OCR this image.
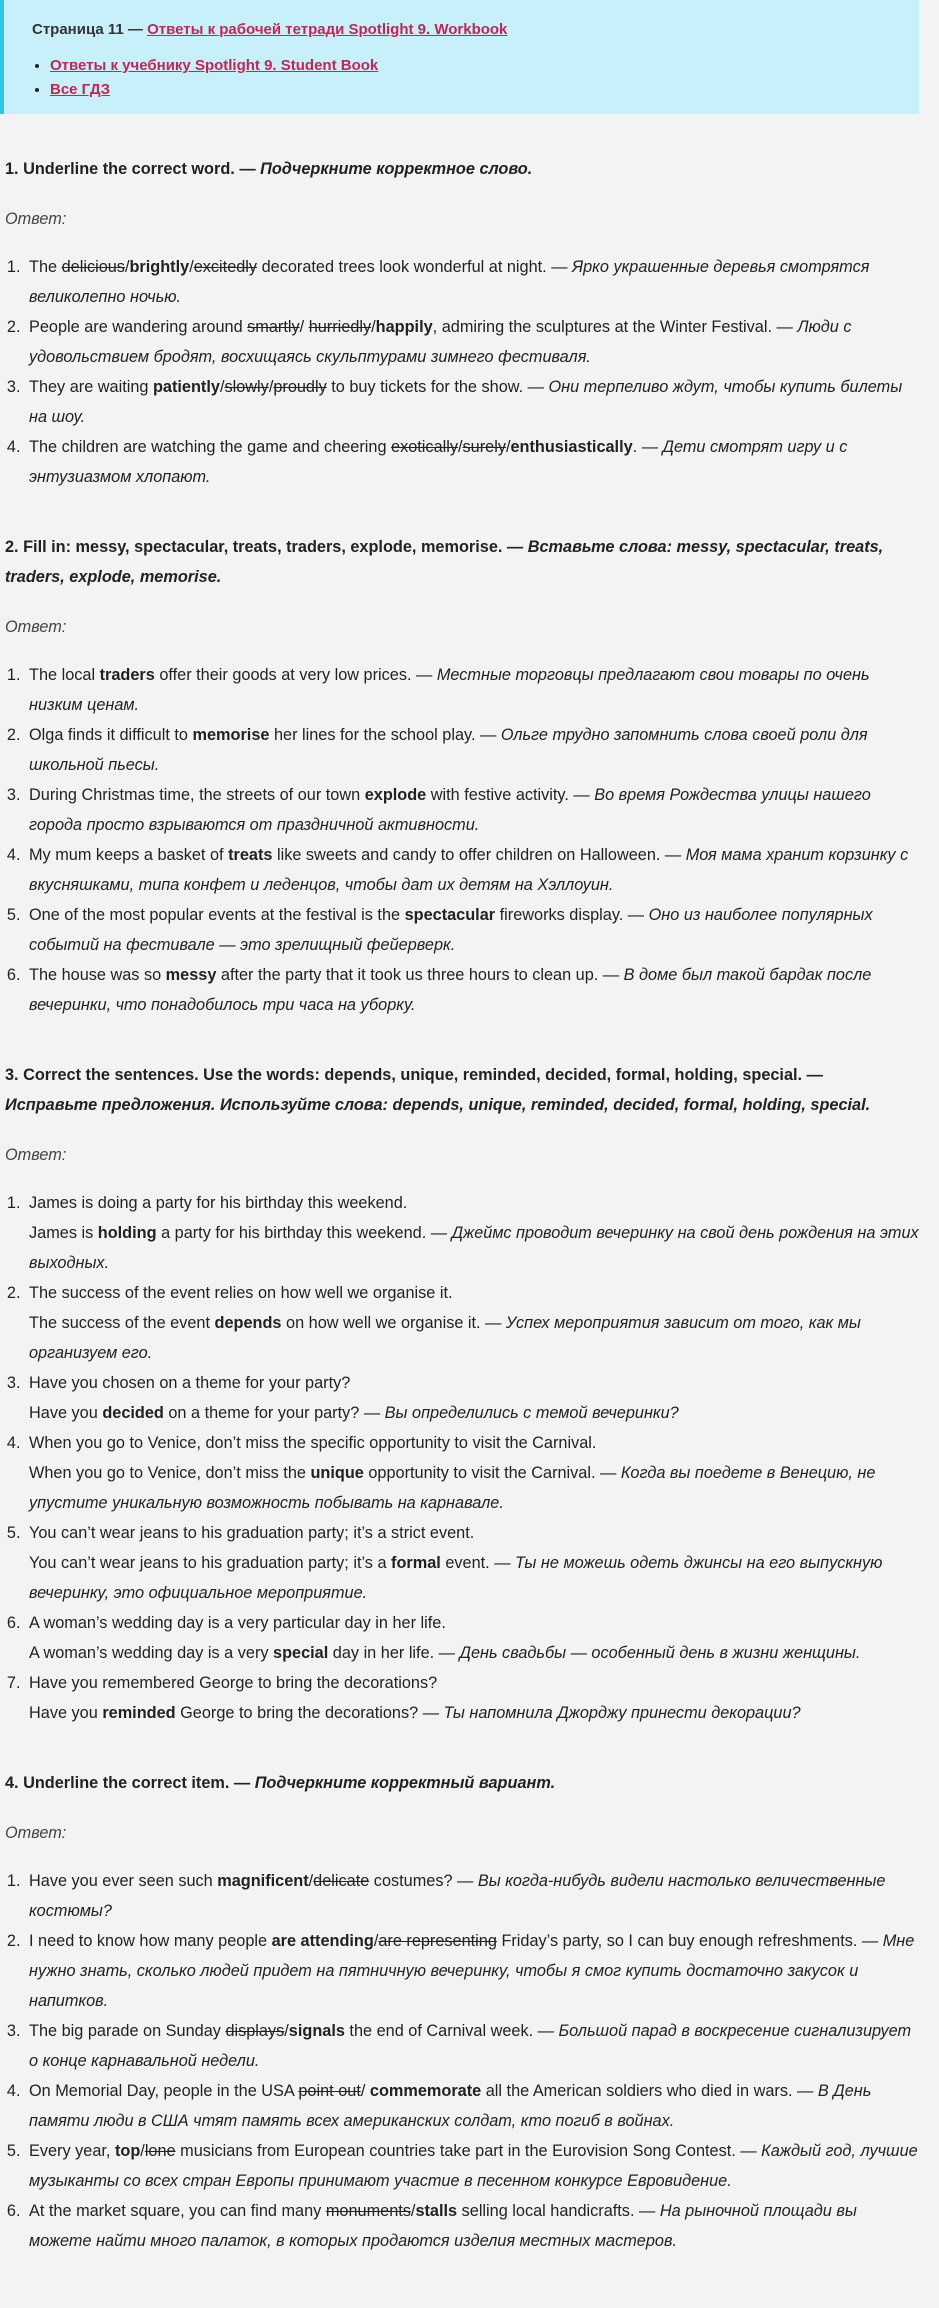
Страница 11 — Ответы к рабочей тетради Spotlight 9. Workbook
• Ответы к учебнику Spotlight 9. Student Book
• Все ГДЗ
1. Underline the correct word. — Подчеркните корректное слово.
Ответ:
1. The delicious/brightly/excitedly decorated trees look wonderful at night. — Ярко украшенные деревья смотрятся великолепно ночью.
2. People are wandering around smartly/ hurriedly/happily, admiring the sculptures at the Winter Festival. — Люди с удовольствием бродят, восхищаясь скульптурами зимнего фестиваля.
3. They are waiting patiently/slowly/proudly to buy tickets for the show. — Они терпеливо ждут, чтобы купить билеты на шоу.
4. The children are watching the game and cheering exotically/surely/enthusiastically. — Дети смотрят игру и с энтузиазмом хлопают.
2. Fill in: messy, spectacular, treats, traders, explode, memorise. — Вставьте слова: messy, spectacular, treats, traders, explode, memorise.
Ответ:
1. The local traders offer their goods at very low prices. — Местные торговцы предлагают свои товары по очень низким ценам.
2. Olga finds it difficult to memorise her lines for the school play. — Ольге трудно запомнить слова своей роли для школьной пьесы.
3. During Christmas time, the streets of our town explode with festive activity. — Во время Рождества улицы нашего города просто взрываются от праздничной активности.
4. My mum keeps a basket of treats like sweets and candy to offer children on Halloween. — Моя мама хранит корзинку с вкусняшками, типа конфет и леденцов, чтобы дат их детям на Хэллоуин.
5. One of the most popular events at the festival is the spectacular fireworks display. — Оно из наиболее популярных событий на фестивале — это зрелищный фейерверк.
6. The house was so messy after the party that it took us three hours to clean up. — В доме был такой бардак после вечеринки, что понадобилось три часа на уборку.
3. Correct the sentences. Use the words: depends, unique, reminded, decided, formal, holding, special. — Исправьте предложения. Используйте слова: depends, unique, reminded, decided, formal, holding, special.
Ответ:
1. James is doing a party for his birthday this weekend.
James is holding a party for his birthday this weekend. — Джеймс проводит вечеринку на свой день рождения на этих выходных.
2. The success of the event relies on how well we organise it.
The success of the event depends on how well we organise it. — Успех мероприятия зависит от того, как мы организуем его.
3. Have you chosen on a theme for your party?
Have you decided on a theme for your party? — Вы определились с темой вечеринки?
4. When you go to Venice, don’t miss the specific opportunity to visit the Carnival.
When you go to Venice, don’t miss the unique opportunity to visit the Carnival. — Когда вы поедете в Венецию, не упустите уникальную возможность побывать на карнавале.
5. You can’t wear jeans to his graduation party; it’s a strict event.
You can’t wear jeans to his graduation party; it’s a formal event. — Ты не можешь одеть джинсы на его выпускную вечеринку, это официальное мероприятие.
6. A woman’s wedding day is a very particular day in her life.
A woman’s wedding day is a very special day in her life. — День свадьбы — особенный день в жизни женщины.
7. Have you remembered George to bring the decorations?
Have you reminded George to bring the decorations? — Ты напомнила Джорджу принести декорации?
4. Underline the correct item. — Подчеркните корректный вариант.
Ответ:
1. Have you ever seen such magnificent/delicate costumes? — Вы когда-нибудь видели настолько величественные костюмы?
2. I need to know how many people are attending/are representing Friday’s party, so I can buy enough refreshments. — Мне нужно знать, сколько людей придет на пятничную вечеринку, чтобы я смог купить достаточно закусок и напитков.
3. The big parade on Sunday displays/signals the end of Carnival week. — Большой парад в воскресение сигнализирует о конце карнавальной недели.
4. On Memorial Day, people in the USA point out/ commemorate all the American soldiers who died in wars. — В День памяти люди в США чтят память всех американских солдат, кто погиб в войнах.
5. Every year, top/lone musicians from European countries take part in the Eurovision Song Contest. — Каждый год, лучшие музыканты со всех стран Европы принимают участие в песенном конкурсе Евровидение.
6. At the market square, you can find many monuments/stalls selling local handicrafts. — На рыночной площади вы можете найти много палаток, в которых продаются изделия местных мастеров.
